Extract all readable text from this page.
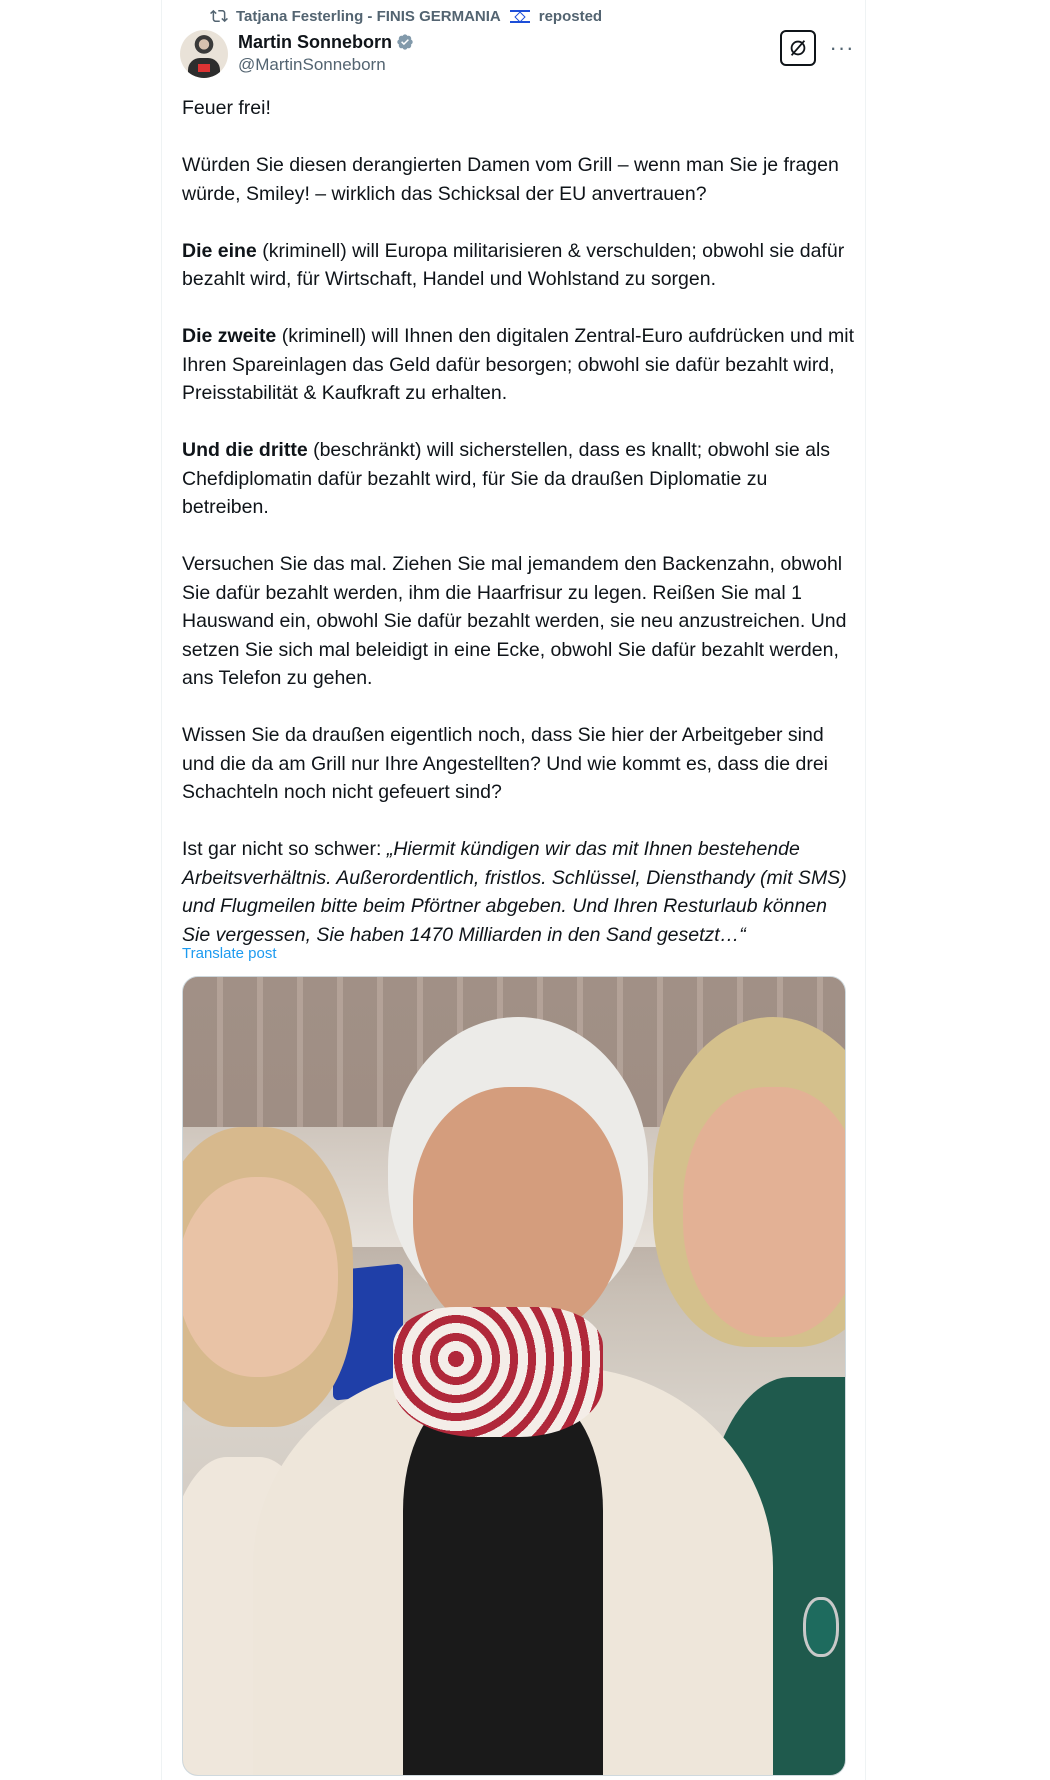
Tatjana Festerling - FINIS GERMANIA	reposted
Martin Sonneborn
@MartinSonneborn
···

Feuer frei!

Würden Sie diesen derangierten Damen vom Grill – wenn man Sie je fragen würde, Smiley! – wirklich das Schicksal der EU anvertrauen?

Die eine (kriminell) will Europa militarisieren & verschulden; obwohl sie dafür bezahlt wird, für Wirtschaft, Handel und Wohlstand zu sorgen.

Die zweite (kriminell) will Ihnen den digitalen Zentral-Euro aufdrücken und mit Ihren Spareinlagen das Geld dafür besorgen; obwohl sie dafür bezahlt wird, Preisstabilität & Kaufkraft zu erhalten.

Und die dritte (beschränkt) will sicherstellen, dass es knallt; obwohl sie als Chefdiplomatin dafür bezahlt wird, für Sie da draußen Diplomatie zu betreiben.

Versuchen Sie das mal. Ziehen Sie mal jemandem den Backenzahn, obwohl Sie dafür bezahlt werden, ihm die Haarfrisur zu legen. Reißen Sie mal 1 Hauswand ein, obwohl Sie dafür bezahlt werden, sie neu anzustreichen. Und setzen Sie sich mal beleidigt in eine Ecke, obwohl Sie dafür bezahlt werden, ans Telefon zu gehen.

Wissen Sie da draußen eigentlich noch, dass Sie hier der Arbeitgeber sind und die da am Grill nur Ihre Angestellten? Und wie kommt es, dass die drei Schachteln noch nicht gefeuert sind?

Ist gar nicht so schwer: „Hiermit kündigen wir das mit Ihnen bestehende Arbeitsverhältnis. Außerordentlich, fristlos. Schlüssel, Diensthandy (mit SMS) und Flugmeilen bitte beim Pförtner abgeben. Und Ihren Resturlaub können Sie vergessen, Sie haben 1470 Milliarden in den Sand gesetzt…“

Translate post
